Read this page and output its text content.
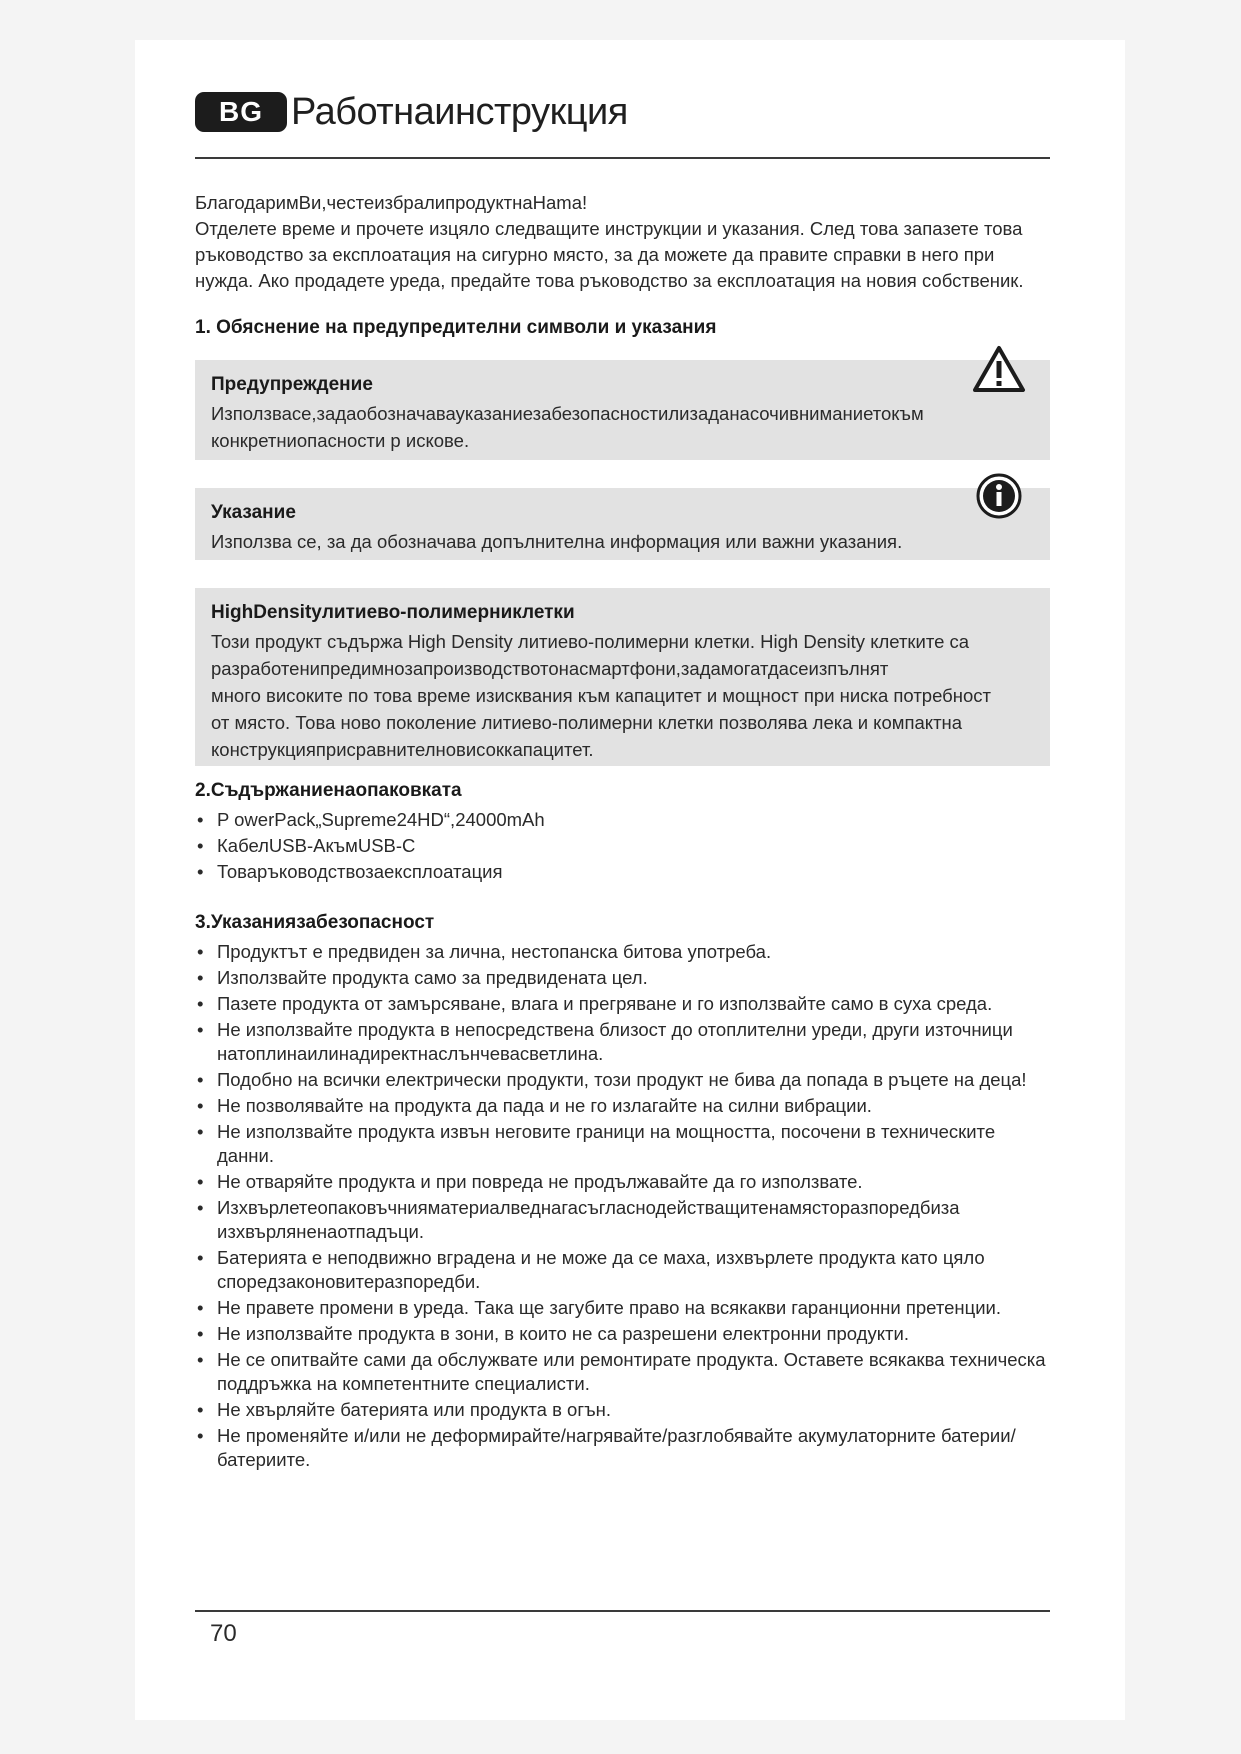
BG Работнаинструкция

БлагодаримВи,честеизбралипродуктнаHama!

Отделете време и прочете изцяло следващите инструкции и указания. След това запазете това ръководство за експлоатация на сигурно място, за да можете да правите справки в него при нужда. Ако продадете уреда, предайте това ръководство за експлоатация на новия собственик.

1. Обяснение на предупредителни символи и указания
Предупреждение
Използвасе,задаобозначавауказаниезабезопасностилизаданасочивниманиетокъм конкретниопасности р искове.
Указание
Използва се, за да обозначава допълнителна информация или важни указания.
HighDensityлитиево-полимерниклетки

Този продукт съдържа High Density литиево-полимерни клетки. High Density клетките са

разработенипредимнозапроизводствотонасмартфони,задамогатдасеизпълнят

много високите по това време изисквания към капацитет и мощност при ниска потребност

от място. Това ново поколение литиево-полимерни клетки позволява лека и компактна

конструкцияприсравнителновисоккапацитет.

2.Съдържаниенаопаковката
• P owerPack„Supreme24HD“,24000mAh
• КабелUSB-АкъмUSB-C
• Товаръководствозаексплоатация
3.Указаниязабезопасност
• Продуктът е предвиден за лична, нестопанска битова употреба.
• Използвайте продукта само за предвидената цел.
• Пазете продукта от замърсяване, влага и прегряване и го използвайте само в суха среда.
• Не използвайте продукта в непосредствена близост до отоплителни уреди, други източници натоплинаилинадиректнаслънчевасветлина.
• Подобно на всички електрически продукти, този продукт не бива да попада в ръцете на деца!
• Не позволявайте на продукта да пада и не го излагайте на силни вибрации.
• Не използвайте продукта извън неговите граници на мощността, посочени в техническите данни.
• Не отваряйте продукта и при повреда не продължавайте да го използвате.
• Изхвърлетеопаковъчнияматериалведнагасъгласнодействащитенамясторазпоредбиза изхвърляненаотпадъци.
• Батерията е неподвижно вградена и не може да се маха, изхвърлете продукта като цяло споредзаконовитеразпоредби.
• Не правете промени в уреда. Така ще загубите право на всякакви гаранционни претенции.
• Не използвайте продукта в зони, в които не са разрешени електронни продукти.
• Не се опитвайте сами да обслужвате или ремонтирате продукта. Оставете всякаква техническа поддръжка на компетентните специалисти.
• Не хвърляйте батерията или продукта в огън.
• Не променяйте и/или не деформирайте/нагрявайте/разглобявайте акумулаторните батерии/ батериите.
70
